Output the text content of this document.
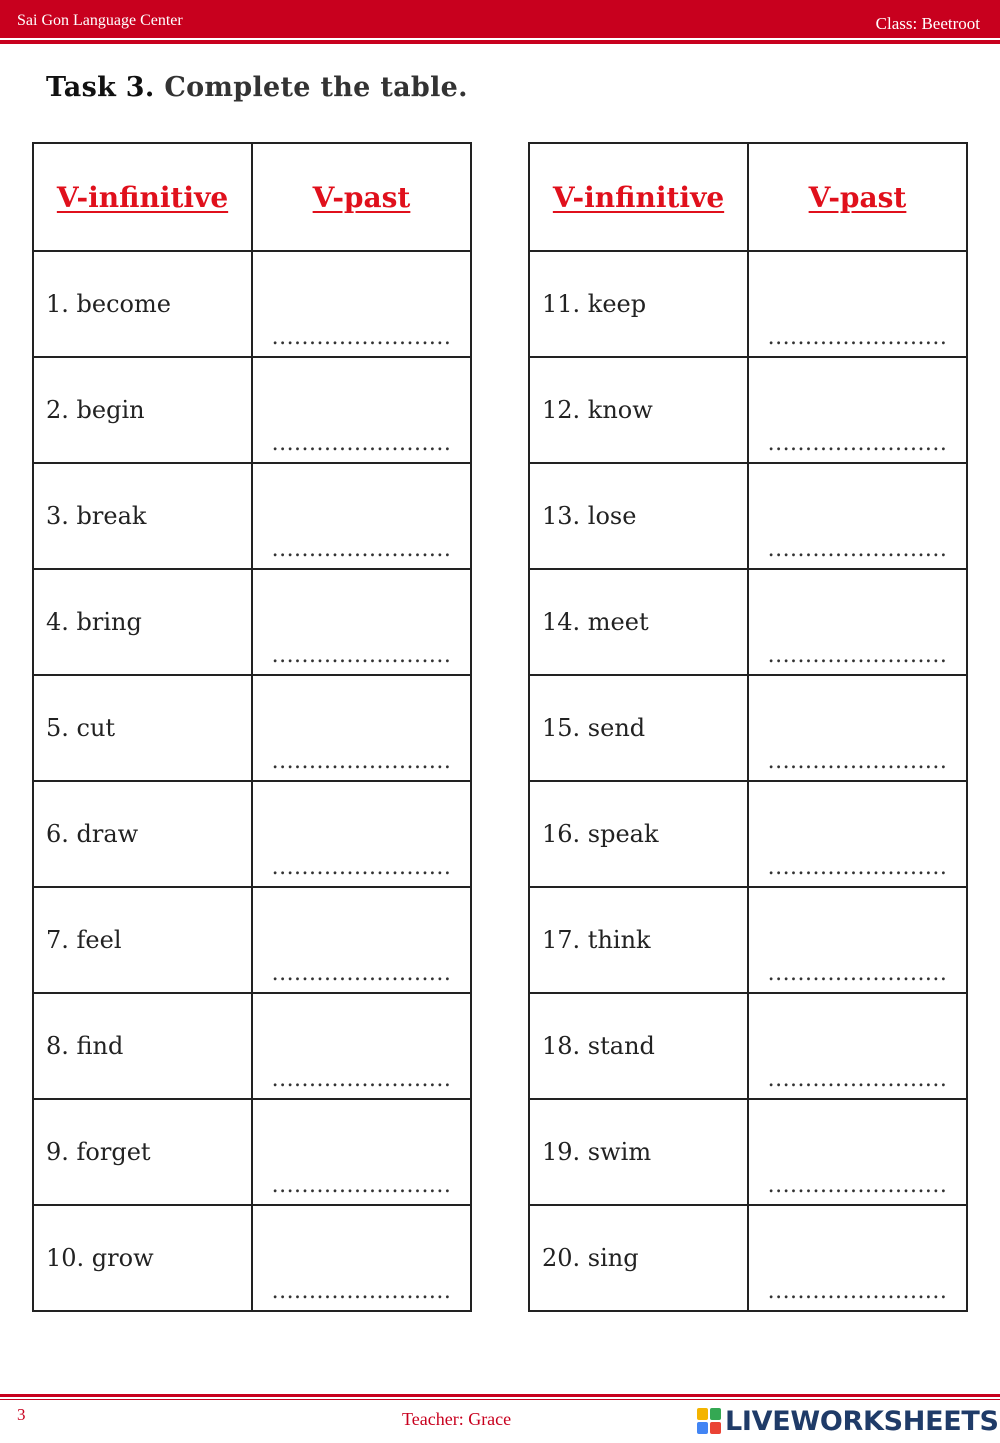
Sai Gon Language Center	Class: Beetroot
Task 3. Complete the table.
V-infinitive	V-past
1. become	........................
2. begin	........................
3. break	........................
4. bring	........................
5. cut	........................
6. draw	........................
7. feel	........................
8. find	........................
9. forget	........................
10. grow	........................
V-infinitive	V-past
11. keep	........................
12. know	........................
13. lose	........................
14. meet	........................
15. send	........................
16. speak	........................
17. think	........................
18. stand	........................
19. swim	........................
20. sing	........................
3	Teacher: Grace	LIVEWORKSHEETS
